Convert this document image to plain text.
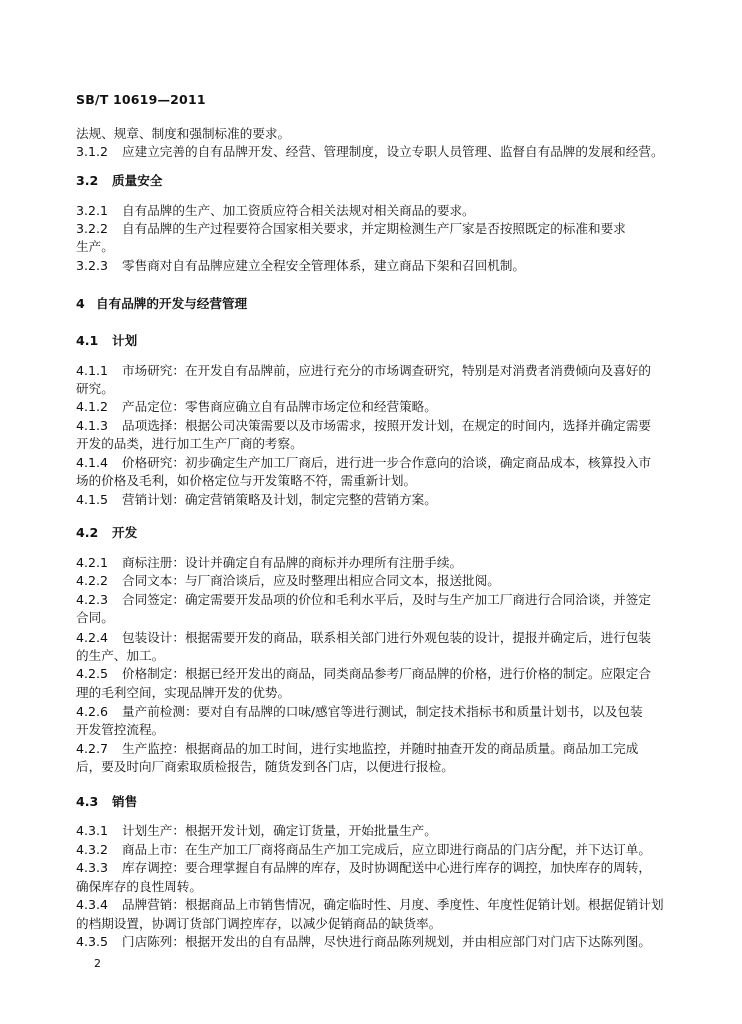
SB/T 10619—2011
法规、规章、制度和强制标准的要求。
3.1.2 应建立完善的自有品牌开发、经营、管理制度，设立专职人员管理、监督自有品牌的发展和经营。
3.2 质量安全
3.2.1 自有品牌的生产、加工资质应符合相关法规对相关商品的要求。
3.2.2 自有品牌的生产过程要符合国家相关要求，并定期检测生产厂家是否按照既定的标准和要求
生产。
3.2.3 零售商对自有品牌应建立全程安全管理体系，建立商品下架和召回机制。
4 自有品牌的开发与经营管理
4.1 计划
4.1.1 市场研究：在开发自有品牌前，应进行充分的市场调查研究，特别是对消费者消费倾向及喜好的
研究。
4.1.2 产品定位：零售商应确立自有品牌市场定位和经营策略。
4.1.3 品项选择：根据公司决策需要以及市场需求，按照开发计划，在规定的时间内，选择并确定需要
开发的品类，进行加工生产厂商的考察。
4.1.4 价格研究：初步确定生产加工厂商后，进行进一步合作意向的洽谈，确定商品成本，核算投入市
场的价格及毛利，如价格定位与开发策略不符，需重新计划。
4.1.5 营销计划：确定营销策略及计划，制定完整的营销方案。
4.2 开发
4.2.1 商标注册：设计并确定自有品牌的商标并办理所有注册手续。
4.2.2 合同文本：与厂商洽谈后，应及时整理出相应合同文本，报送批阅。
4.2.3 合同签定：确定需要开发品项的价位和毛利水平后，及时与生产加工厂商进行合同洽谈，并签定
合同。
4.2.4 包装设计：根据需要开发的商品，联系相关部门进行外观包装的设计，提报并确定后，进行包装
的生产、加工。
4.2.5 价格制定：根据已经开发出的商品，同类商品参考厂商品牌的价格，进行价格的制定。应限定合
理的毛利空间，实现品牌开发的优势。
4.2.6 量产前检测：要对自有品牌的口味/感官等进行测试，制定技术指标书和质量计划书，以及包装
开发管控流程。
4.2.7 生产监控：根据商品的加工时间，进行实地监控，并随时抽查开发的商品质量。商品加工完成
后，要及时向厂商索取质检报告，随货发到各门店，以便进行报检。
4.3 销售
4.3.1 计划生产：根据开发计划，确定订货量，开始批量生产。
4.3.2 商品上市：在生产加工厂商将商品生产加工完成后，应立即进行商品的门店分配，并下达订单。
4.3.3 库存调控：要合理掌握自有品牌的库存，及时协调配送中心进行库存的调控，加快库存的周转，
确保库存的良性周转。
4.3.4 品牌营销：根据商品上市销售情况，确定临时性、月度、季度性、年度性促销计划。根据促销计划
的档期设置，协调订货部门调控库存，以减少促销商品的缺货率。
4.3.5 门店陈列：根据开发出的自有品牌，尽快进行商品陈列规划，并由相应部门对门店下达陈列图。
2
